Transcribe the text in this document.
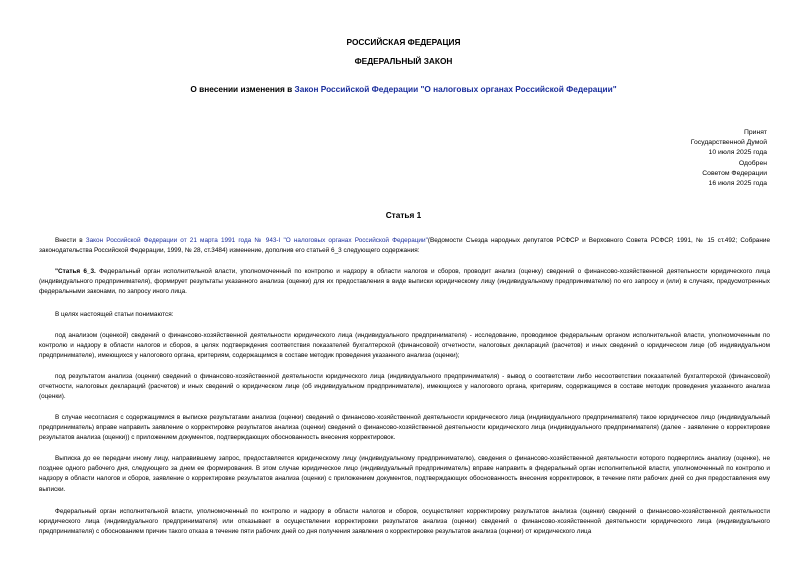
РОССИЙСКАЯ ФЕДЕРАЦИЯ
ФЕДЕРАЛЬНЫЙ ЗАКОН
О внесении изменения в Закон Российской Федерации "О налоговых органах Российской Федерации"
Принят
Государственной Думой
10 июля 2025 года
Одобрен
Советом Федерации
16 июля 2025 года
Статья 1

Внести в Закон Российской Федерации от 21 марта 1991 года № 943-I "О налоговых органах Российской Федерации"(Ведомости Съезда народных депутатов РСФСР и Верховного Совета РСФСР, 1991, № 15 ст.492; Собрание законодательства Российской Федерации, 1999, № 28, ст.3484) изменение, дополнив его статьей 6_3 следующего содержания:

"Статья 6_3. Федеральный орган исполнительной власти, уполномоченный по контролю и надзору в области налогов и сборов, проводит анализ (оценку) сведений о финансово-хозяйственной деятельности юридического лица (индивидуального предпринимателя), формирует результаты указанного анализа (оценки) для их предоставления в виде выписки юридическому лицу (индивидуальному предпринимателю) по его запросу и (или) в случаях, предусмотренных федеральными законами, по запросу иного лица.

В целях настоящей статьи понимаются:

под анализом (оценкой) сведений о финансово-хозяйственной деятельности юридического лица (индивидуального предпринимателя) - исследование, проводимое федеральным органом исполнительной власти, уполномоченным по контролю и надзору в области налогов и сборов, в целях подтверждения соответствия показателей бухгалтерской (финансовой) отчетности, налоговых деклараций (расчетов) и иных сведений о юридическом лице (об индивидуальном предпринимателе), имеющихся у налогового органа, критериям, содержащимся в составе методик проведения указанного анализа (оценки);

под результатом анализа (оценки) сведений о финансово-хозяйственной деятельности юридического лица (индивидуального предпринимателя) - вывод о соответствии либо несоответствии показателей бухгалтерской (финансовой) отчетности, налоговых деклараций (расчетов) и иных сведений о юридическом лице (об индивидуальном предпринимателе), имеющихся у налогового органа, критериям, содержащимся в составе методик проведения указанного анализа (оценки).

В случае несогласия с содержащимися в выписке результатами анализа (оценки) сведений о финансово-хозяйственной деятельности юридического лица (индивидуального предпринимателя) такое юридическое лицо (индивидуальный предприниматель) вправе направить заявление о корректировке результатов анализа (оценки) сведений о финансово-хозяйственной деятельности юридического лица (индивидуального предпринимателя) (далее - заявление о корректировке результатов анализа (оценки)) с приложением документов, подтверждающих обоснованность внесения корректировок.

Выписка до ее передачи иному лицу, направившему запрос, предоставляется юридическому лицу (индивидуальному предпринимателю), сведения о финансово-хозяйственной деятельности которого подверглись анализу (оценке), не позднее одного рабочего дня, следующего за днем ее формирования. В этом случае юридическое лицо (индивидуальный предприниматель) вправе направить в федеральный орган исполнительной власти, уполномоченный по контролю и надзору в области налогов и сборов, заявление о корректировке результатов анализа (оценки) с приложением документов, подтверждающих обоснованность внесения корректировок, в течение пяти рабочих дней со дня предоставления ему выписки.

Федеральный орган исполнительной власти, уполномоченный по контролю и надзору в области налогов и сборов, осуществляет корректировку результатов анализа (оценки) сведений о финансово-хозяйственной деятельности юридического лица (индивидуального предпринимателя) или отказывает в осуществлении корректировки результатов анализа (оценки) сведений о финансово-хозяйственной деятельности юридического лица (индивидуального предпринимателя) с обоснованием причин такого отказа в течение пяти рабочих дней со дня получения заявления о корректировке результатов анализа (оценки) от юридического лица
